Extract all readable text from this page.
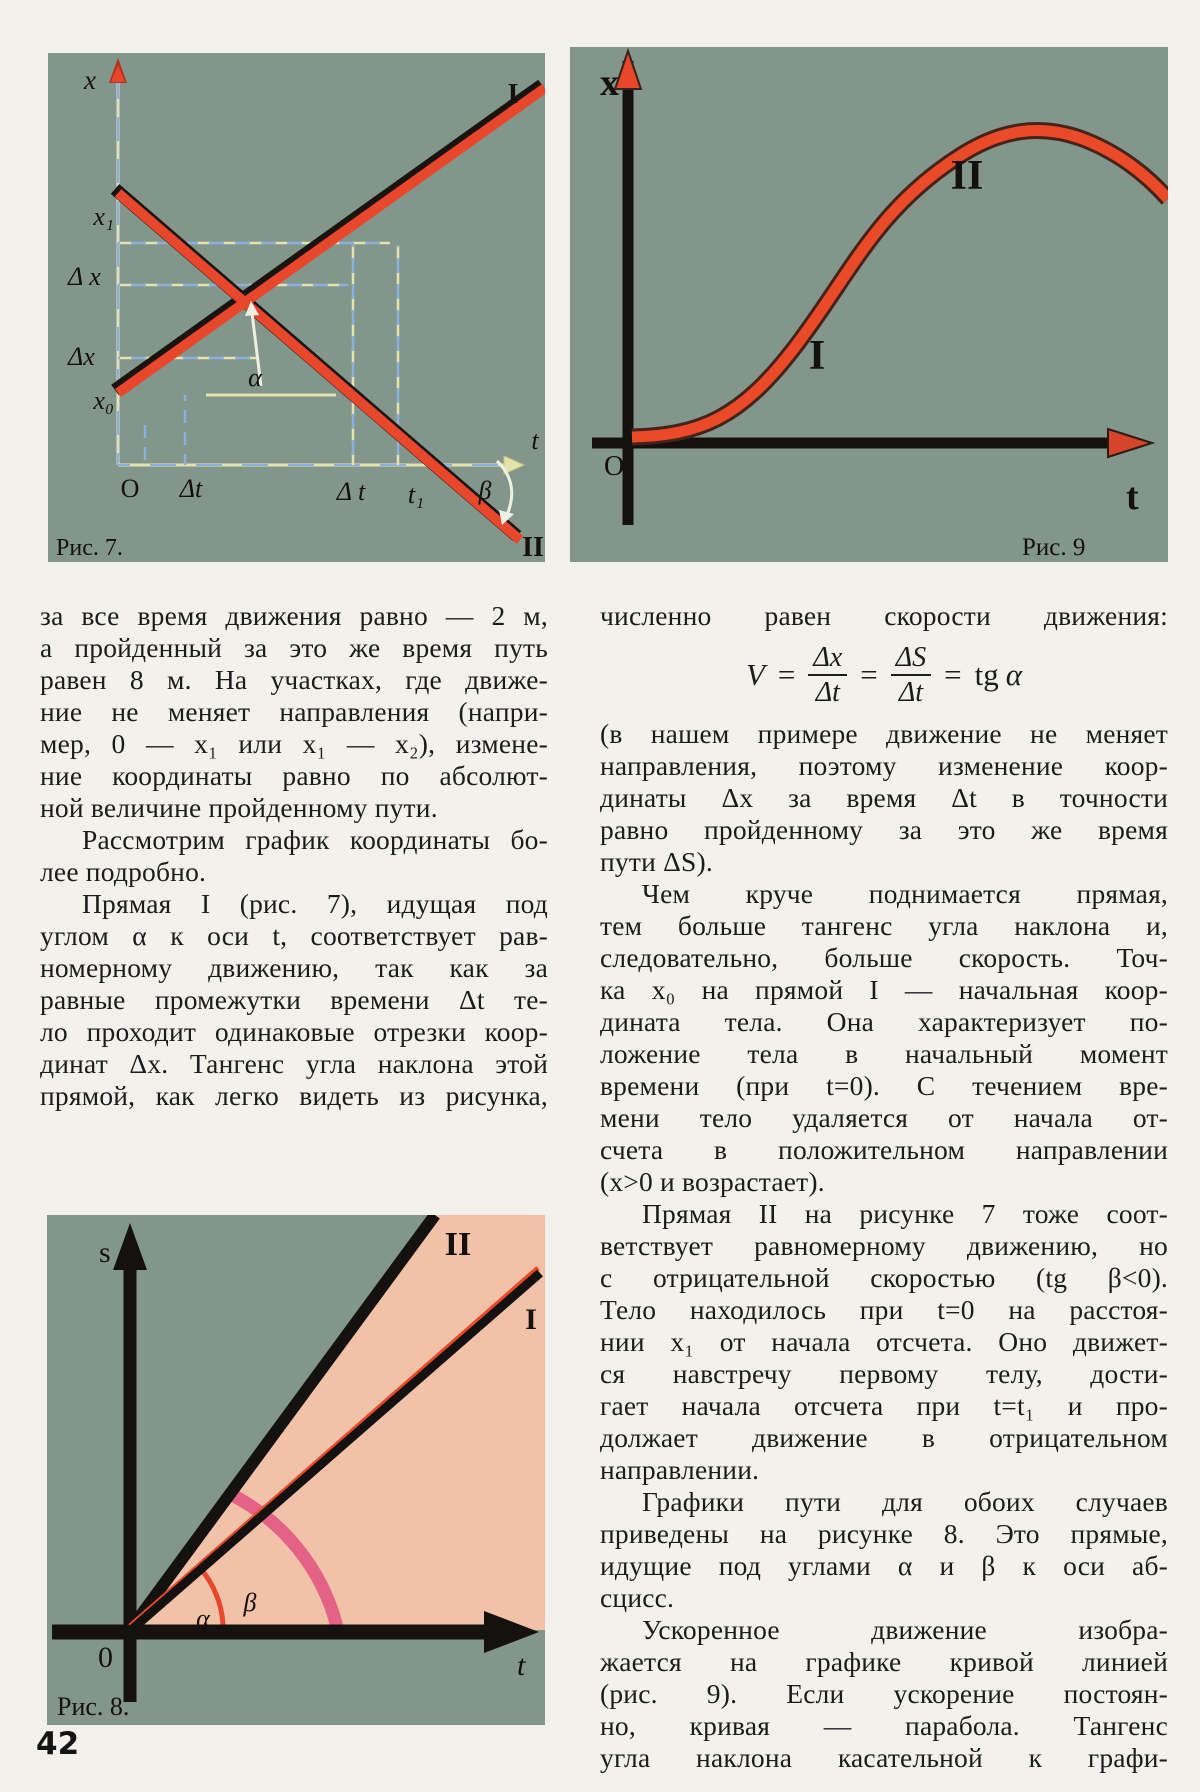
x
x₁
Δ x
Δx
x₀
O Δt	Δ t t₁ β
t
α
I
II
Рис. 7.
x
O
t
I
II
Рис. 9
за все время движения равно — 2 м,
а пройденный за это же время путь
равен 8 м. На участках, где движе-
ние не меняет направления (напри-
мер, 0 — x₁ или x₁ — x₂), измене-
ние координаты равно по абсолют-
ной величине пройденному пути.
Рассмотрим график координаты бо-
лее подробно.
Прямая I (рис. 7), идущая под
углом α к оси t, соответствует рав-
номерному движению, так как за
равные промежутки времени Δt те-
ло проходит одинаковые отрезки коор-
динат Δx. Тангенс угла наклона этой
прямой, как легко видеть из рисунка,
численно равен скорости движения:
$V = \frac{\Delta x}{\Delta t} = \frac{\Delta S}{\Delta t}$ = tg α
(в нашем примере движение не меняет
направления, поэтому изменение коор-
динаты Δx за время Δt в точности
равно пройденному за это же время
пути ΔS).
Чем круче поднимается прямая,
тем больше тангенс угла наклона и,
следовательно, больше скорость. Точ-
ка x₀ на прямой I — начальная коор-
дината тела. Она характеризует по-
ложение тела в начальный момент
времени (при t=0). С течением вре-
мени тело удаляется от начала от-
счета в положительном направлении
(x>0 и возрастает).
Прямая II на рисунке 7 тоже соот-
ветствует равномерному движению, но
с отрицательной скоростью (tg β<0).
Тело находилось при t=0 на расстоя-
нии x₁ от начала отсчета. Оно движет-
ся навстречу первому телу, дости-
гает начала отсчета при t=t₁ и про-
должает движение в отрицательном
направлении.
Графики пути для обоих случаев
приведены на рисунке 8. Это прямые,
идущие под углами α и β к оси аб-
сцисс.
Ускоренное движение изобра-
жается на графике кривой линией
(рис. 9). Если ускорение постоян-
но, кривая — парабола. Тангенс
угла наклона касательной к графи-
s
t
0
II
I
α
β
Рис. 8.
42
